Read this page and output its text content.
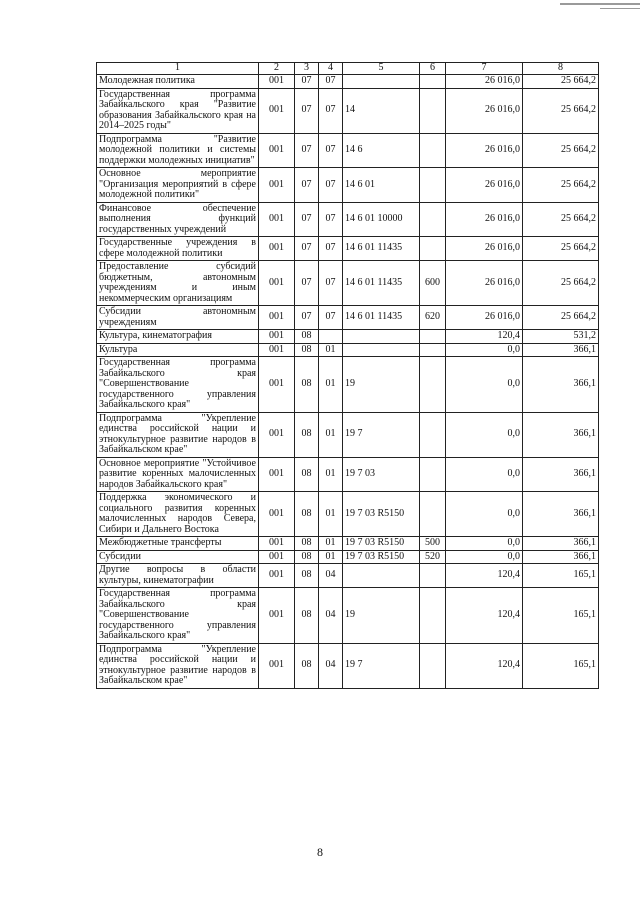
1	2	3	4	5	6	7	8
Молодежная политика	001	07	07			26 016,0	25 664,2
Государственная программа Забайкальского края "Развитие образования Забайкальского края на 2014–2025 годы"	001	07	07	14		26 016,0	25 664,2
Подпрограмма "Развитие молодежной политики и системы поддержки молодежных инициатив"	001	07	07	14 6		26 016,0	25 664,2
Основное мероприятие "Организация мероприятий в сфере молодежной политики"	001	07	07	14 6 01		26 016,0	25 664,2
Финансовое обеспечение выполнения функций государственных учреждений	001	07	07	14 6 01 10000		26 016,0	25 664,2
Государственные учреждения в сфере молодежной политики	001	07	07	14 6 01 11435		26 016,0	25 664,2
Предоставление субсидий бюджетным, автономным учреждениям и иным некоммерческим организациям	001	07	07	14 6 01 11435	600	26 016,0	25 664,2
Субсидии автономным учреждениям	001	07	07	14 6 01 11435	620	26 016,0	25 664,2
Культура, кинематография	001	08				120,4	531,2
Культура	001	08	01			0,0	366,1
Государственная программа Забайкальского края "Совершенствование государственного управления Забайкальского края"	001	08	01	19		0,0	366,1
Подпрограмма "Укрепление единства российской нации и этнокультурное развитие народов в Забайкальском крае"	001	08	01	19 7		0,0	366,1
Основное мероприятие "Устойчивое развитие коренных малочисленных народов Забайкальского края"	001	08	01	19 7 03		0,0	366,1
Поддержка экономического и социального развития коренных малочисленных народов Севера, Сибири и Дальнего Востока	001	08	01	19 7 03 R5150		0,0	366,1
Межбюджетные трансферты	001	08	01	19 7 03 R5150	500	0,0	366,1
Субсидии	001	08	01	19 7 03 R5150	520	0,0	366,1
Другие вопросы в области культуры, кинематографии	001	08	04			120,4	165,1
Государственная программа Забайкальского края "Совершенствование государственного управления Забайкальского края"	001	08	04	19		120,4	165,1
Подпрограмма "Укрепление единства российской нации и этнокультурное развитие народов в Забайкальском крае"	001	08	04	19 7		120,4	165,1
8
